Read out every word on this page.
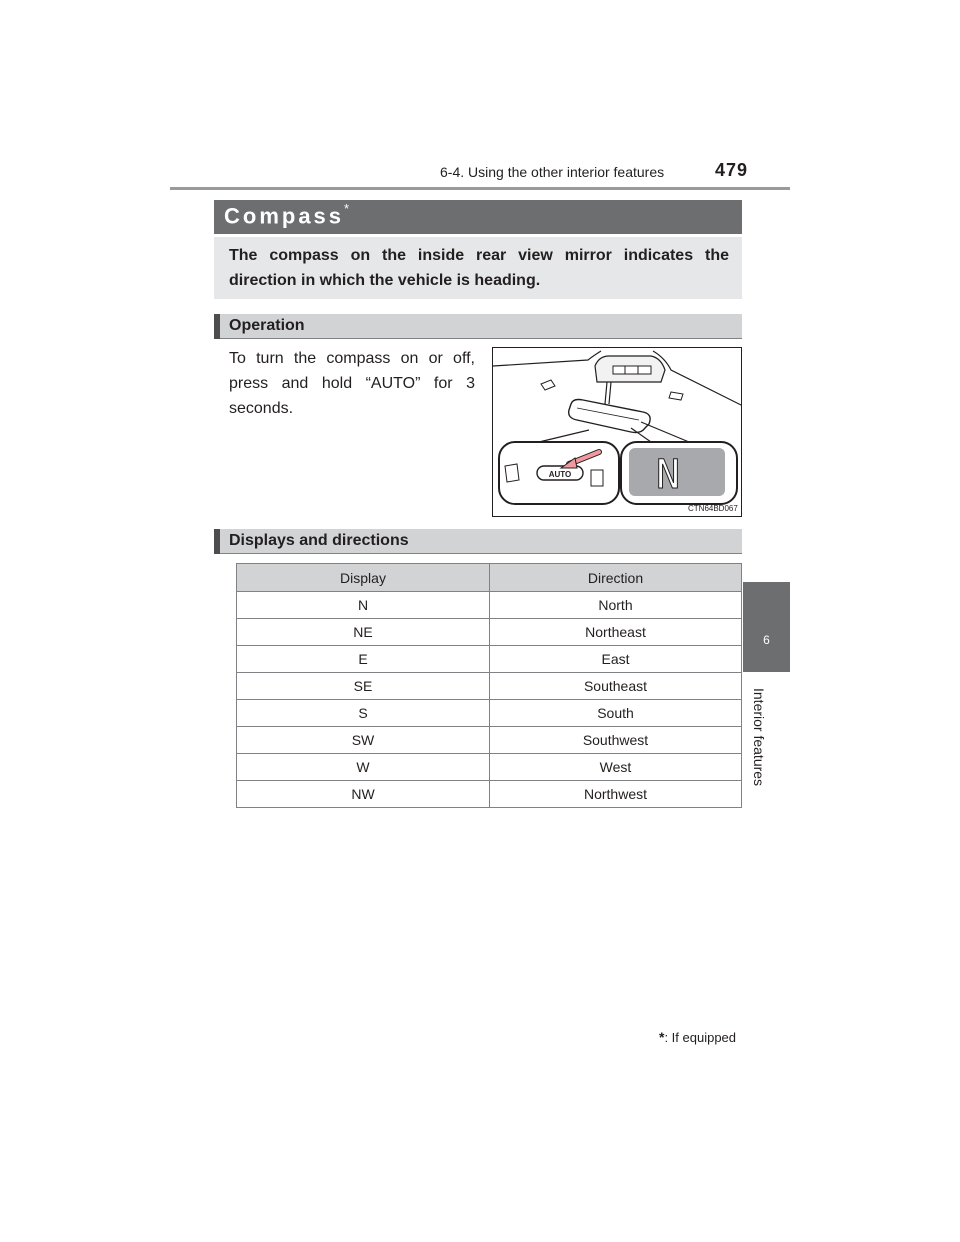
6-4. Using the other interior features	479
6
Interior features
Compass*
The compass on the inside rear view mirror indicates the direction in which the vehicle is heading.
Operation
To turn the compass on or off, press and hold “AUTO” for 3 seconds.
AUTO N
CTN64BD067
Displays and directions
Display	Direction
N	North
NE	Northeast
E	East
SE	Southeast
S	South
SW	Southwest
W	West
NW	Northwest
*: If equipped
